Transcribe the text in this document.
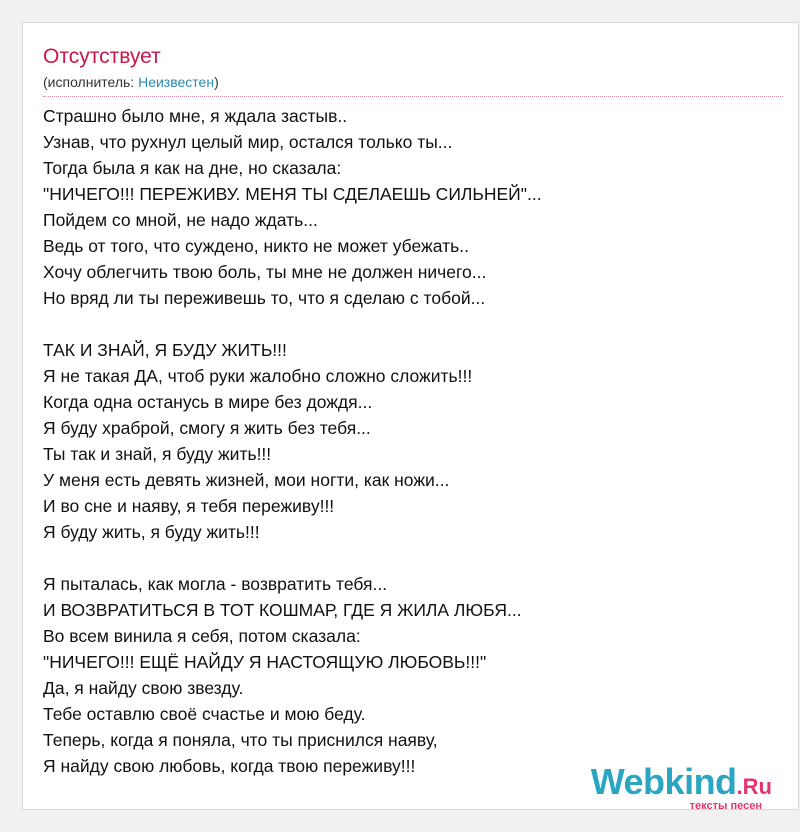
Отсутствует
(исполнитель: Неизвестен)
Страшно было мне, я ждала застыв..
Узнав, что рухнул целый мир, остался только ты...
Тогда была я как на дне, но сказала:
"НИЧЕГО!!! ПЕРЕЖИВУ. МЕНЯ ТЫ СДЕЛАЕШЬ СИЛЬНЕЙ"...
Пойдем со мной, не надо ждать...
Ведь от того, что суждено, никто не может убежать..
Хочу облегчить твою боль, ты мне не должен ничего...
Но вряд ли ты переживешь то, что я сделаю с тобой...
ТАК И ЗНАЙ, Я БУДУ ЖИТЬ!!!
Я не такая ДА, чтоб руки жалобно сложно сложить!!!
Когда одна останусь в мире без дождя...
Я буду храброй, смогу я жить без тебя...
Ты так и знай, я буду жить!!!
У меня есть девять жизней, мои ногти, как ножи...
И во сне и наяву, я тебя переживу!!!
Я буду жить, я буду жить!!!
Я пыталась, как могла - возвратить тебя...
И ВОЗВРАТИТЬСЯ В ТОТ КОШМАР, ГДЕ Я ЖИЛА ЛЮБЯ...
Во всем винила я себя, потом сказала:
"НИЧЕГО!!! ЕЩЁ НАЙДУ Я НАСТОЯЩУЮ ЛЮБОВЬ!!!"
Да, я найду свою звезду.
Тебе оставлю своё счастье и мою беду.
Теперь, когда я поняла, что ты приснился наяву,
Я найду свою любовь, когда твою переживу!!!	Webkind.Ru
тексты песен
